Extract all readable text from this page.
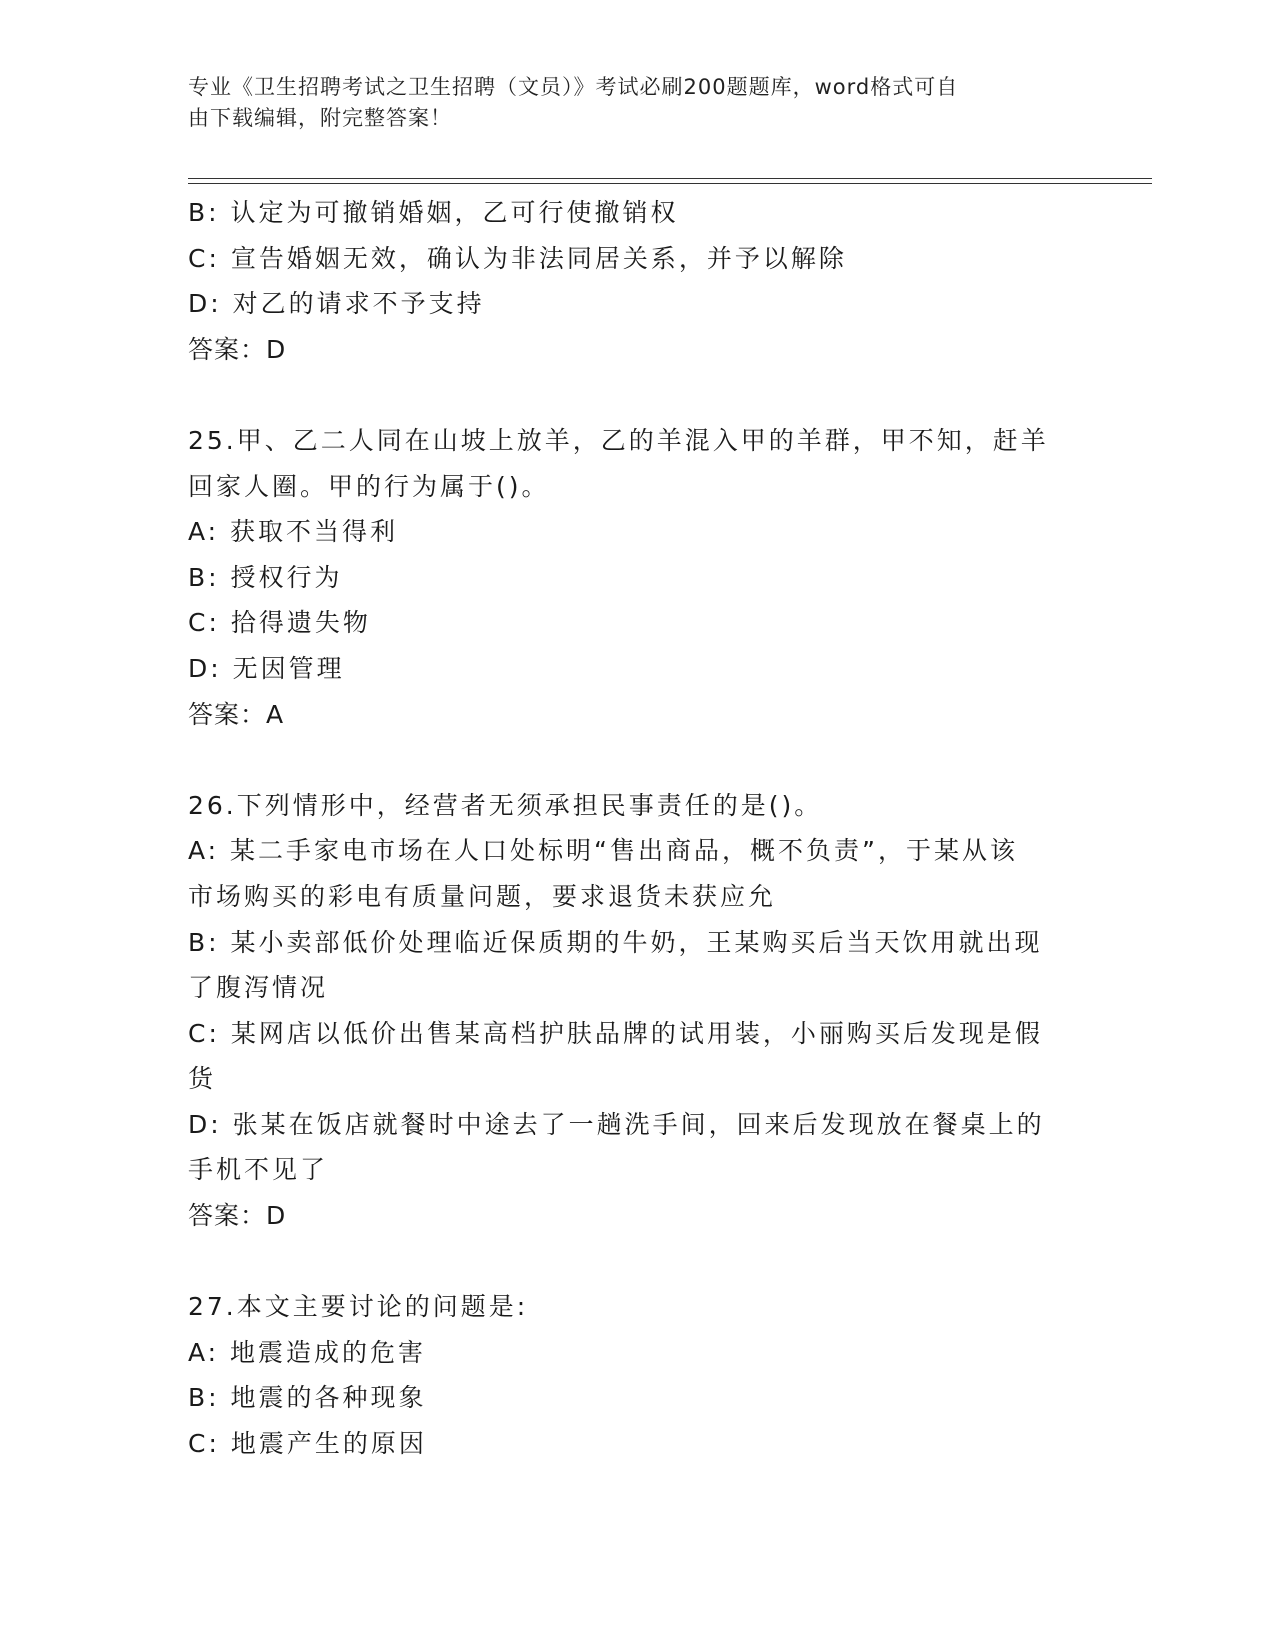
专业《卫生招聘考试之卫生招聘（文员）》考试必刷200题题库，word格式可自
由下载编辑，附完整答案！
B: 认定为可撤销婚姻，乙可行使撤销权
C: 宣告婚姻无效，确认为非法同居关系，并予以解除
D: 对乙的请求不予支持
答案：D
25.甲、乙二人同在山坡上放羊，乙的羊混入甲的羊群，甲不知，赶羊
回家人圈。甲的行为属于()。
A: 获取不当得利
B: 授权行为
C: 拾得遗失物
D: 无因管理
答案：A
26.下列情形中，经营者无须承担民事责任的是()。
A: 某二手家电市场在人口处标明“售出商品，概不负责”，于某从该
市场购买的彩电有质量问题，要求退货未获应允
B: 某小卖部低价处理临近保质期的牛奶，王某购买后当天饮用就出现
了腹泻情况
C: 某网店以低价出售某高档护肤品牌的试用装，小丽购买后发现是假
货
D: 张某在饭店就餐时中途去了一趟洗手间，回来后发现放在餐桌上的
手机不见了
答案：D
27.本文主要讨论的问题是:
A: 地震造成的危害
B: 地震的各种现象
C: 地震产生的原因
